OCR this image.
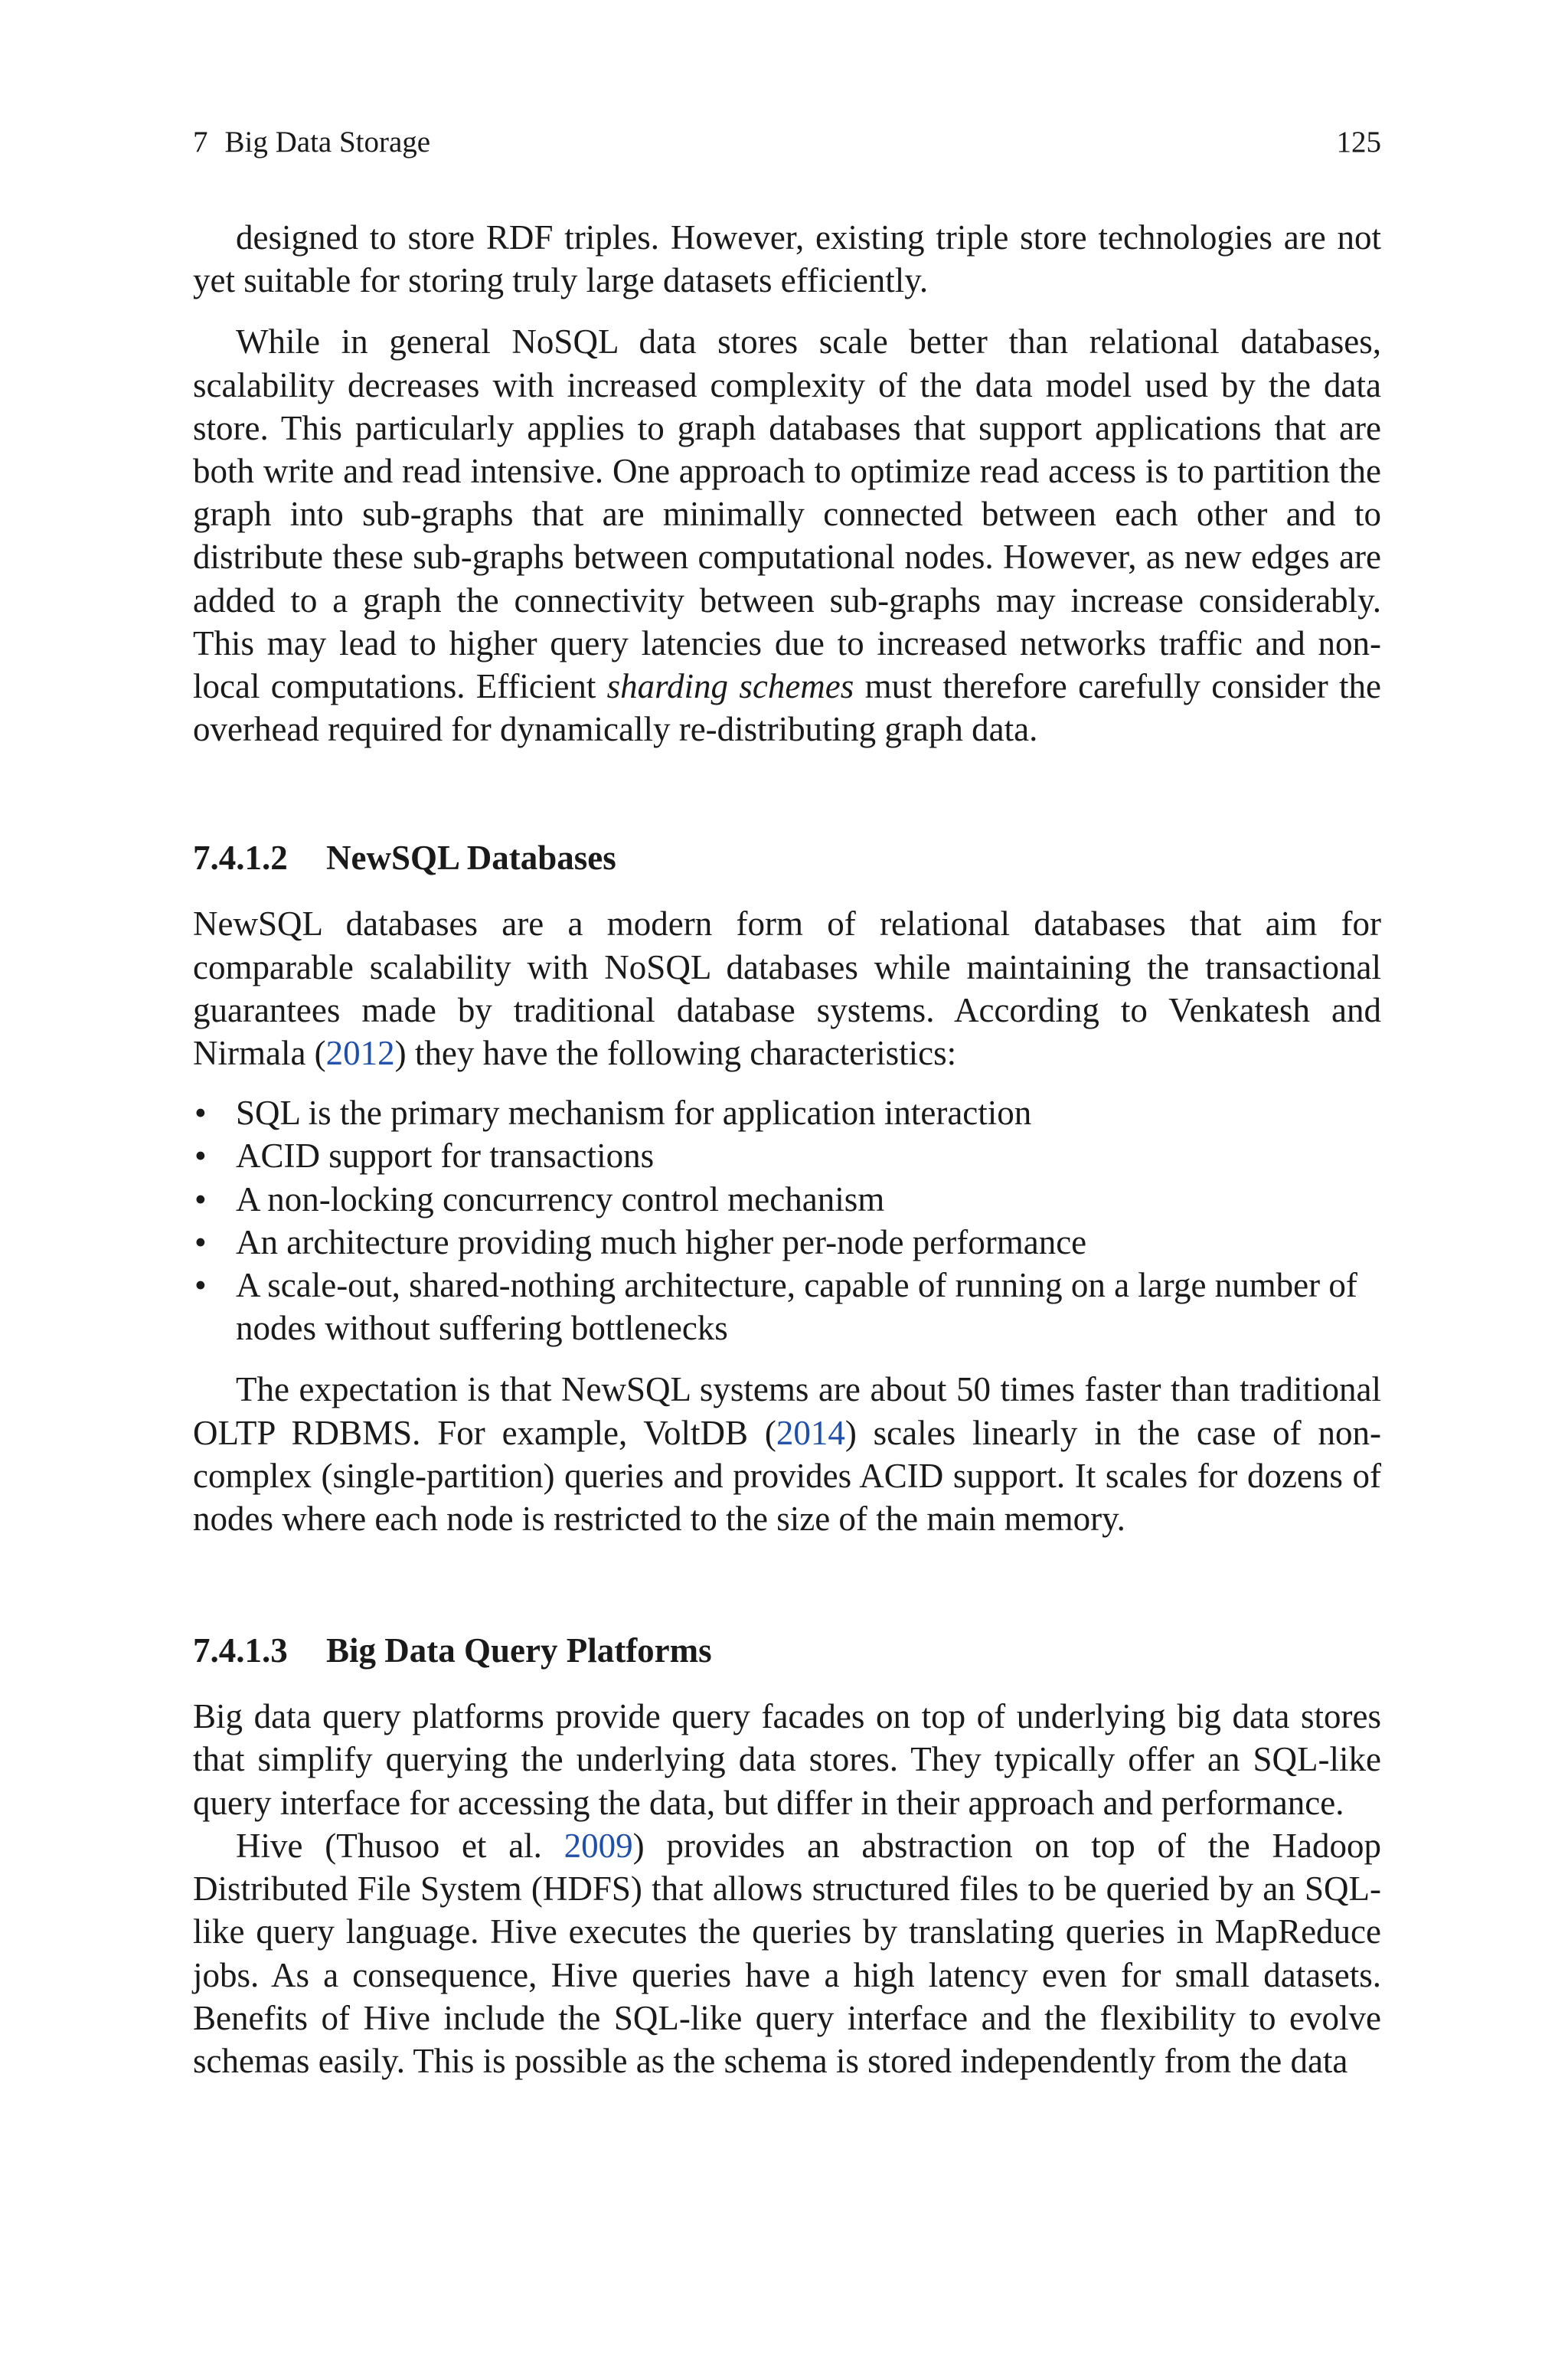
7 Big Data Storage	125

designed to store RDF triples. However, existing triple store technologies are not yet suitable for storing truly large datasets efficiently.

While in general NoSQL data stores scale better than relational databases, scalability decreases with increased complexity of the data model used by the data store. This particularly applies to graph databases that support applications that are both write and read intensive. One approach to optimize read access is to partition the graph into sub-graphs that are minimally connected between each other and to distribute these sub-graphs between computational nodes. However, as new edges are added to a graph the connectivity between sub-graphs may increase considerably. This may lead to higher query latencies due to increased networks traffic and non-local computations. Efficient sharding schemes must therefore carefully consider the overhead required for dynamically re-distributing graph data.

7.4.1.2 NewSQL Databases

NewSQL databases are a modern form of relational databases that aim for comparable scalability with NoSQL databases while maintaining the transactional guarantees made by traditional database systems. According to Venkatesh and Nirmala (2012) they have the following characteristics:

• SQL is the primary mechanism for application interaction
• ACID support for transactions
• A non-locking concurrency control mechanism
• An architecture providing much higher per-node performance
• A scale-out, shared-nothing architecture, capable of running on a large number of nodes without suffering bottlenecks

The expectation is that NewSQL systems are about 50 times faster than traditional OLTP RDBMS. For example, VoltDB (2014) scales linearly in the case of non-complex (single-partition) queries and provides ACID support. It scales for dozens of nodes where each node is restricted to the size of the main memory.

7.4.1.3 Big Data Query Platforms

Big data query platforms provide query facades on top of underlying big data stores that simplify querying the underlying data stores. They typically offer an SQL-like query interface for accessing the data, but differ in their approach and performance.

Hive (Thusoo et al. 2009) provides an abstraction on top of the Hadoop Distributed File System (HDFS) that allows structured files to be queried by an SQL-like query language. Hive executes the queries by translating queries in MapReduce jobs. As a consequence, Hive queries have a high latency even for small datasets. Benefits of Hive include the SQL-like query interface and the flexibility to evolve schemas easily. This is possible as the schema is stored independently from the data
